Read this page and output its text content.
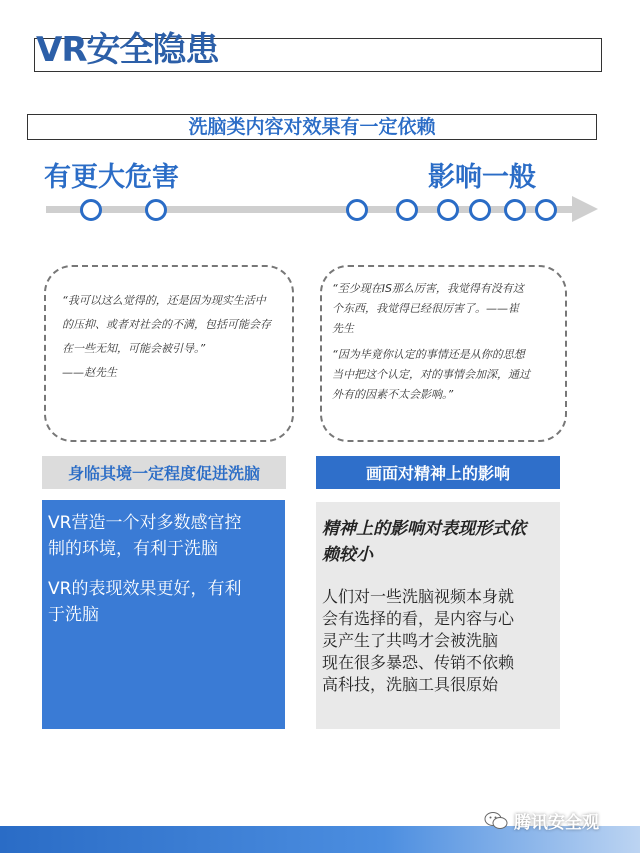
VR安全隐患
洗脑类内容对效果有一定依赖
有更大危害	影响一般
“我可以这么觉得的，还是因为现实生活中
的压抑、或者对社会的不满，包括可能会存
在一些无知，可能会被引导。”
——赵先生
“至少现在IS那么厉害，我觉得有没有这
个东西，我觉得已经很厉害了。——崔
先生
“因为毕竟你认定的事情还是从你的思想
当中把这个认定，对的事情会加深，通过
外有的因素不太会影响。”
身临其境一定程度促进洗脑	画面对精神上的影响

VR营造一个对多数感官控
制的环境，有利于洗脑

VR的表现效果更好，有利
于洗脑

精神上的影响对表现形式依
赖较小
人们对一些洗脑视频本身就
会有选择的看，是内容与心
灵产生了共鸣才会被洗脑
现在很多暴恐、传销不依赖
高科技，洗脑工具很原始
腾讯安全观
